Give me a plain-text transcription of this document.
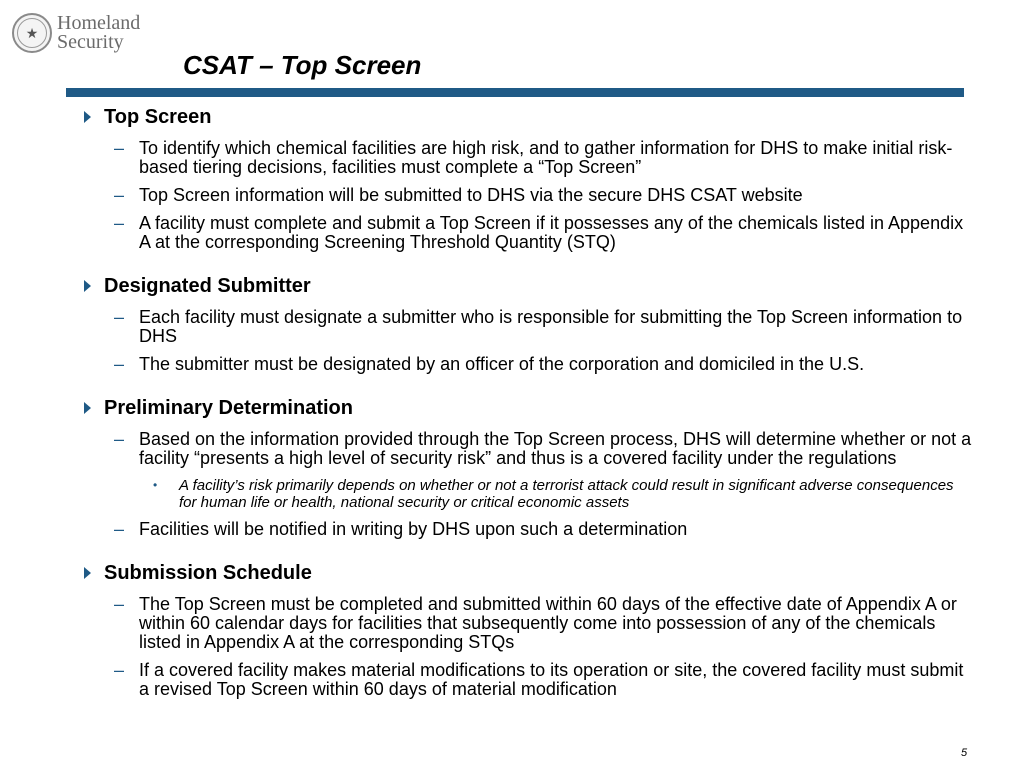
★ Homeland
Security
CSAT – Top Screen
Top Screen
– To identify which chemical facilities are high risk, and to gather information for DHS to make initial risk-based tiering decisions, facilities must complete a “Top Screen”
– Top Screen information will be submitted to DHS via the secure DHS CSAT website
– A facility must complete and submit a Top Screen if it possesses any of the chemicals listed in Appendix A at the corresponding Screening Threshold Quantity (STQ)
Designated Submitter
– Each facility must designate a submitter who is responsible for submitting the Top Screen information to DHS
– The submitter must be designated by an officer of the corporation and domiciled in the U.S.
Preliminary Determination
– Based on the information provided through the Top Screen process, DHS will determine whether or not a facility “presents a high level of security risk” and thus is a covered facility under the regulations
• A facility’s risk primarily depends on whether or not a terrorist attack could result in significant adverse consequences for human life or health, national security or critical economic assets
– Facilities will be notified in writing by DHS upon such a determination
Submission Schedule
– The Top Screen must be completed and submitted within 60 days of the effective date of Appendix A or within 60 calendar days for facilities that subsequently come into possession of any of the chemicals listed in Appendix A at the corresponding STQs
– If a covered facility makes material modifications to its operation or site, the covered facility must submit a revised Top Screen within 60 days of material modification
5
